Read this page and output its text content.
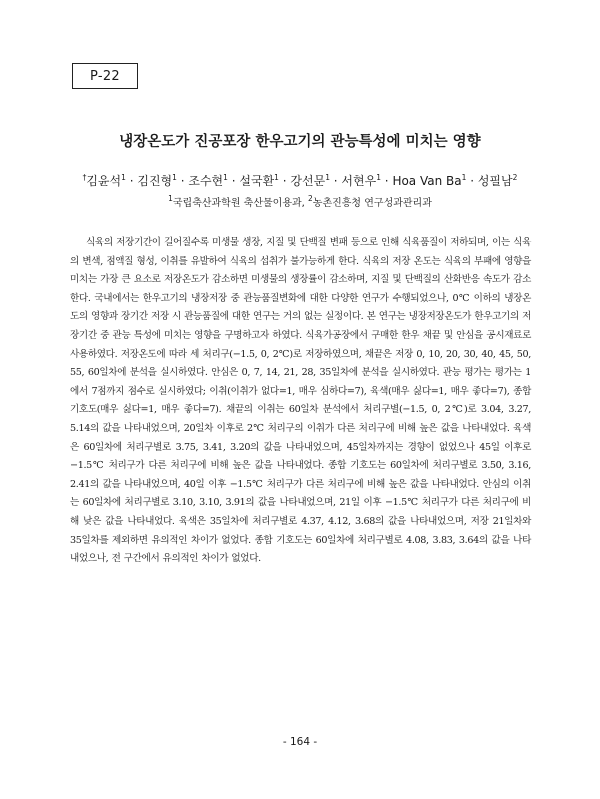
P-22
냉장온도가 진공포장 한우고기의 관능특성에 미치는 영향
†김윤석$^1$ · 김진형$^1$ · 조수현$^1$ · 설국환$^1$ · 강선문$^1$ · 서현우$^1$ · Hoa Van $Ba^1$ · 성필남$^2$
$^1$국립축산과학원 축산물이용과, $^2$농촌진흥청 연구성과관리과
식육의 저장기간이 길어질수록 미생물 생장, 지질 및 단백질 변패 등으로 인해 식육품질이 저하되며, 이는 식육의 변색, 점액질 형성, 이취를 유발하여 식육의 섭취가 불가능하게 한다. 식육의 저장 온도는 식육의 부패에 영향을 미치는 가장 큰 요소로 저장온도가 감소하면 미생물의 생장률이 감소하며, 지질 및 단백질의 산화반응 속도가 감소한다. 국내에서는 한우고기의 냉장저장 중 관능품질변화에 대한 다양한 연구가 수행되었으나, 0℃ 이하의 냉장온도의 영향과 장기간 저장 시 관능품질에 대한 연구는 거의 없는 실정이다. 본 연구는 냉장저장온도가 한우고기의 저장기간 중 관능 특성에 미치는 영향을 구명하고자 하였다. 식육가공장에서 구매한 한우 채끝 및 안심을 공시재료로 사용하였다. 저장온도에 따라 세 처리구(−1.5, 0, 2℃)로 저장하였으며, 채끝은 저장 0, 10, 20, 30, 40, 45, 50, 55, 60일차에 분석을 실시하였다. 안심은 0, 7, 14, 21, 28, 35일차에 분석을 실시하였다. 관능 평가는 평가는 1에서 7점까지 점수로 실시하였다; 이취(이취가 없다=1, 매우 심하다=7), 육색(매우 싫다=1, 매우 좋다=7), 종합 기호도(매우 싫다=1, 매우 좋다=7). 채끝의 이취는 60일차 분석에서 처리구별(−1.5, 0, 2℃)로 3.04, 3.27, 5.14의 값을 나타내었으며, 20일차 이후로 2℃ 처리구의 이취가 다른 처리구에 비해 높은 값을 나타내었다. 육색은 60일차에 처리구별로 3.75, 3.41, 3.20의 값을 나타내었으며, 45일차까지는 경향이 없었으나 45일 이후로 −1.5℃ 처리구가 다른 처리구에 비해 높은 값을 나타내었다. 종합 기호도는 60일차에 처리구별로 3.50, 3.16, 2.41의 값을 나타내었으며, 40일 이후 −1.5℃ 처리구가 다른 처리구에 비해 높은 값을 나타내었다. 안심의 이취는 60일차에 처리구별로 3.10, 3.10, 3.91의 값을 나타내었으며, 21일 이후 −1.5℃ 처리구가 다른 처리구에 비해 낮은 값을 나타내었다. 육색은 35일차에 처리구별로 4.37, 4.12, 3.68의 값을 나타내었으며, 저장 21일차와 35일차를 제외하면 유의적인 차이가 없었다. 종합 기호도는 60일차에 처리구별로 4.08, 3.83, 3.64의 값을 나타내었으나, 전 구간에서 유의적인 차이가 없었다.
- 164 -
